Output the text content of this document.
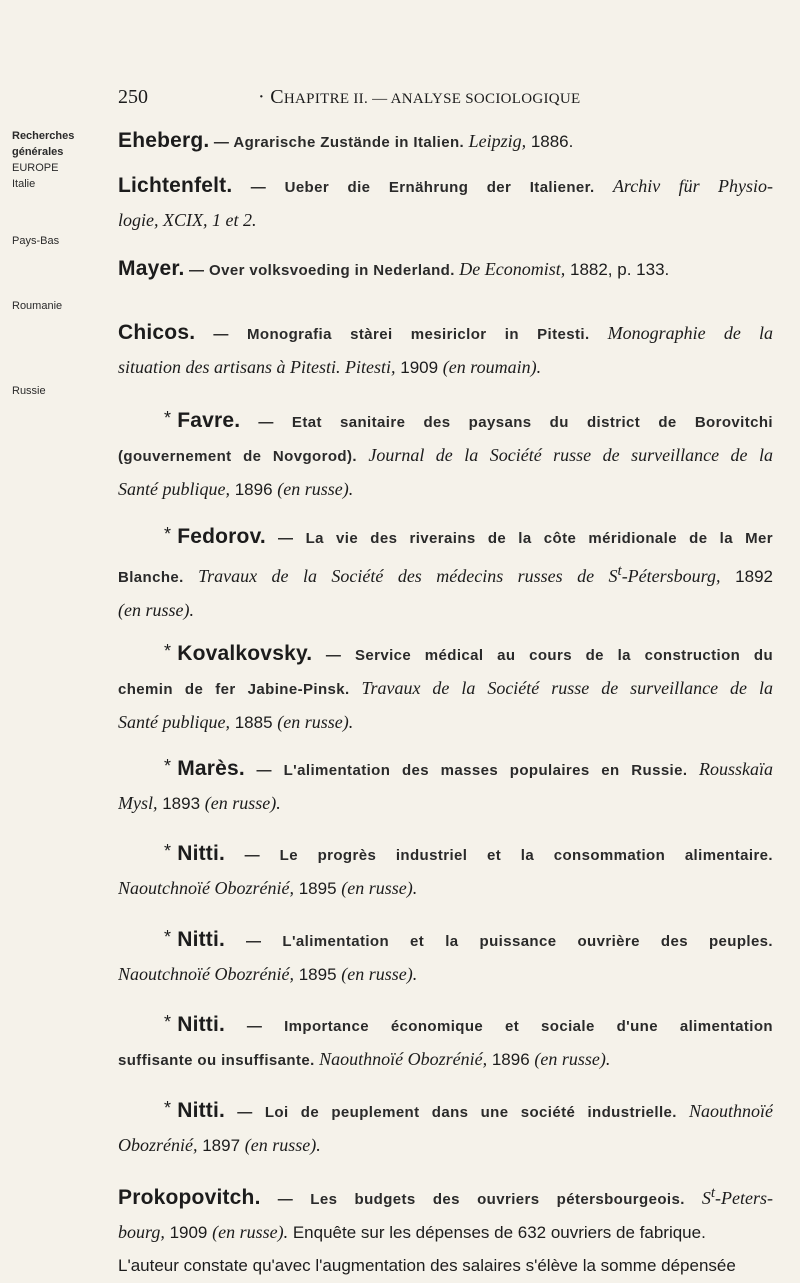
250	· CHAPITRE II. — ANALYSE SOCIOLOGIQUE
Recherches
générales
EUROPE
Italie
Pays-Bas
Roumanie
Russie
Eheberg. — Agrarische Zustände in Italien. Leipzig, 1886.
Lichtenfelt. — Ueber die Ernährung der Italiener. Archiv für Physio-
logie, XCIX, 1 et 2.
Mayer. — Over volksvoeding in Nederland. De Economist, 1882, p. 133.
Chicos. — Monografia stàrei mesiriclor in Pitesti. Monographie de la
situation des artisans à Pitesti. Pitesti, 1909 (en roumain).
* Favre. — Etat sanitaire des paysans du district de Borovitchi
(gouvernement de Novgorod). Journal de la Société russe de surveillance de la
Santé publique, 1896 (en russe).
* Fedorov. — La vie des riverains de la côte méridionale de la Mer
Blanche. Travaux de la Société des médecins russes de $S^t$-Pétersbourg, 1892
(en russe).
* Kovalkovsky. — Service médical au cours de la construction du
chemin de fer Jabine-Pinsk. Travaux de la Société russe de surveillance de la
Santé publique, 1885 (en russe).
* Marès. — L'alimentation des masses populaires en Russie. Rousskaïa
Mysl, 1893 (en russe).
* Nitti. — Le progrès industriel et la consommation alimentaire.
Naoutchnoïé Obozrénié, 1895 (en russe).
* Nitti. — L'alimentation et la puissance ouvrière des peuples.
Naoutchnoïé Obozrénié, 1895 (en russe).
* Nitti. — Importance économique et sociale d'une alimentation
suffisante ou insuffisante. Naouthnoïé Obozrénié, 1896 (en russe).
* Nitti. — Loi de peuplement dans une société industrielle. Naouthnoïé
Obozrénié, 1897 (en russe).
Prokopovitch. — Les budgets des ouvriers pétersbourgeois. $S^t-Peters-$
bourg, 1909 (en russe). Enquête sur les dépenses de 632 ouvriers de fabrique.
L'auteur constate qu'avec l'augmentation des salaires s'élève la somme dépensée
